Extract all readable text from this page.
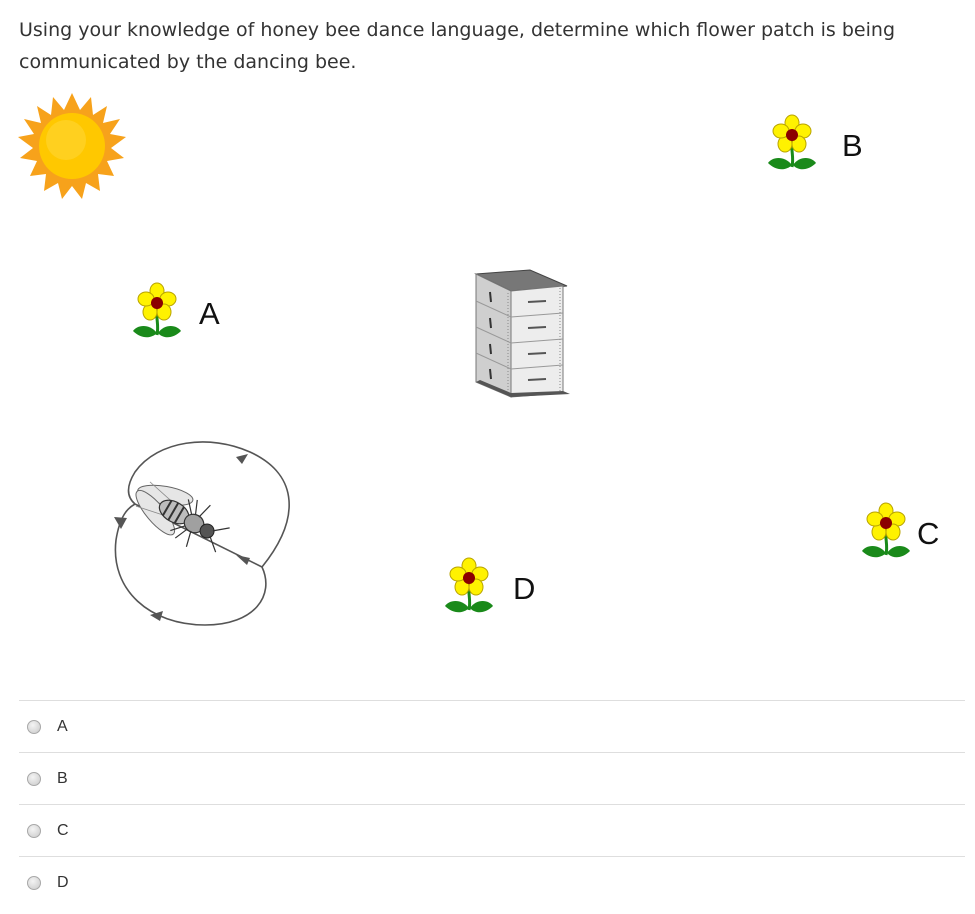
Using your knowledge of honey bee dance language, determine which flower patch is being communicated by the dancing bee.
A
B
C
D
A
B
C
D
